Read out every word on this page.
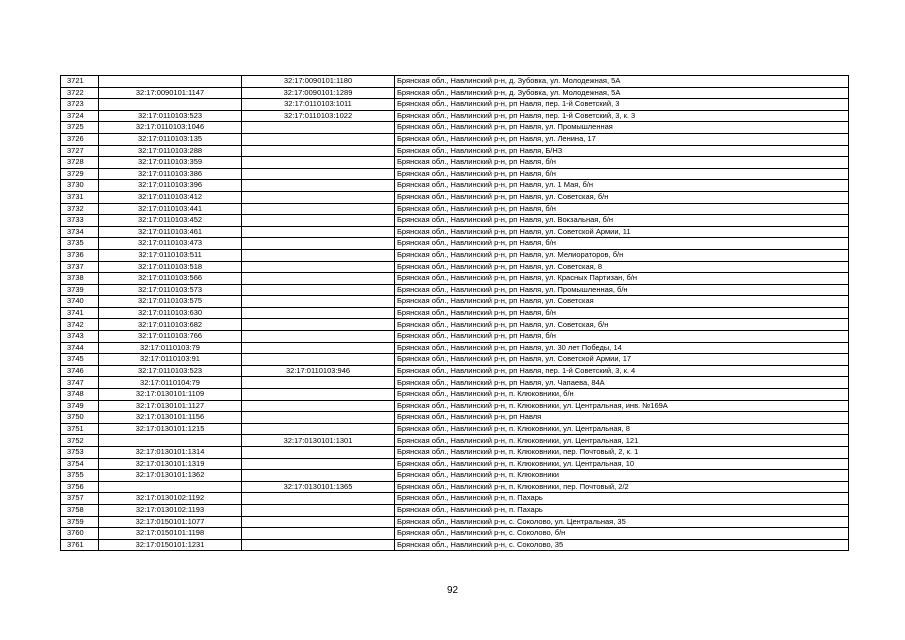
3721		32:17:0090101:1180	Брянская обл., Навлинский р-н, д. Зубовка, ул. Молодежная, 5А
3722	32:17:0090101:1147	32:17:0090101:1289	Брянская обл., Навлинский р-н, д. Зубовка, ул. Молодежная, 5А
3723		32:17:0110103:1011	Брянская обл., Навлинский р-н, рп Навля, пер. 1-й Советский, 3
3724	32:17:0110103:523	32:17:0110103:1022	Брянская обл., Навлинский р-н, рп Навля, пер. 1-й Советский, 3, к. 3
3725	32:17:0110103:1046		Брянская обл., Навлинский р-н, рп Навля, ул. Промышленная
3726	32:17:0110103:135		Брянская обл., Навлинский р-н, рп Навля, ул. Ленина, 17
3727	32:17:0110103:288		Брянская обл., Навлинский р-н, рп Навля, Б/НЗ
3728	32:17:0110103:359		Брянская обл., Навлинский р-н, рп Навля, б/н
3729	32:17:0110103:386		Брянская обл., Навлинский р-н, рп Навля, б/н
3730	32:17:0110103:396		Брянская обл., Навлинский р-н, рп Навля, ул. 1 Мая, б/н
3731	32:17:0110103:412		Брянская обл., Навлинский р-н, рп Навля, ул. Советская, б/н
3732	32:17:0110103:441		Брянская обл., Навлинский р-н, рп Навля, б/н
3733	32:17:0110103:452		Брянская обл., Навлинский р-н, рп Навля, ул. Вокзальная, б/н
3734	32:17:0110103:461		Брянская обл., Навлинский р-н, рп Навля, ул. Советской Армии, 11
3735	32:17:0110103:473		Брянская обл., Навлинский р-н, рп Навля, б/н
3736	32:17:0110103:511		Брянская обл., Навлинский р-н, рп Навля, ул. Мелиораторов, б/н
3737	32:17:0110103:518		Брянская обл., Навлинский р-н, рп Навля, ул. Советская, 8
3738	32:17:0110103:566		Брянская обл., Навлинский р-н, рп Навля, ул. Красных Партизан, б/н
3739	32:17:0110103:573		Брянская обл., Навлинский р-н, рп Навля, ул. Промышленная, б/н
3740	32:17:0110103:575		Брянская обл., Навлинский р-н, рп Навля, ул. Советская
3741	32:17:0110103:630		Брянская обл., Навлинский р-н, рп Навля, б/н
3742	32:17:0110103:682		Брянская обл., Навлинский р-н, рп Навля, ул. Советская, б/н
3743	32:17:0110103:766		Брянская обл., Навлинский р-н, рп Навля, б/н
3744	32:17:0110103:79		Брянская обл., Навлинский р-н, рп Навля, ул. 30 лет Победы, 14
3745	32:17:0110103:91		Брянская обл., Навлинский р-н, рп Навля, ул. Советской Армии, 17
3746	32:17:0110103:523	32:17:0110103:946	Брянская обл., Навлинский р-н, рп Навля, пер. 1-й Советский, 3, к. 4
3747	32:17:0110104:79		Брянская обл., Навлинский р-н, рп Навля, ул. Чапаева, 84А
3748	32:17:0130101:1109		Брянская обл., Навлинский р-н, п. Клюковники, б/н
3749	32:17:0130101:1127		Брянская обл., Навлинский р-н, п. Клюковники, ул. Центральная, инв. №169А
3750	32:17:0130101:1156		Брянская обл., Навлинский р-н, рп Навля
3751	32:17:0130101:1215		Брянская обл., Навлинский р-н, п. Клюковники, ул. Центральная, 8
3752		32:17:0130101:1301	Брянская обл., Навлинский р-н, п. Клюковники, ул. Центральная, 121
3753	32:17:0130101:1314		Брянская обл., Навлинский р-н, п. Клюковники, пер. Почтовый, 2, к. 1
3754	32:17:0130101:1319		Брянская обл., Навлинский р-н, п. Клюковники, ул. Центральная, 10
3755	32:17:0130101:1362		Брянская обл., Навлинский р-н, п. Клюковники
3756		32:17:0130101:1365	Брянская обл., Навлинский р-н, п. Клюковники, пер. Почтовый, 2/2
3757	32:17:0130102:1192		Брянская обл., Навлинский р-н, п. Пахарь
3758	32:17:0130102:1193		Брянская обл., Навлинский р-н, п. Пахарь
3759	32:17:0150101:1077		Брянская обл., Навлинский р-н, с. Соколово, ул. Центральная, 35
3760	32:17:0150101:1198		Брянская обл., Навлинский р-н, с. Соколово, б/н
3761	32:17:0150101:1231		Брянская обл., Навлинский р-н, с. Соколово, 35
92
